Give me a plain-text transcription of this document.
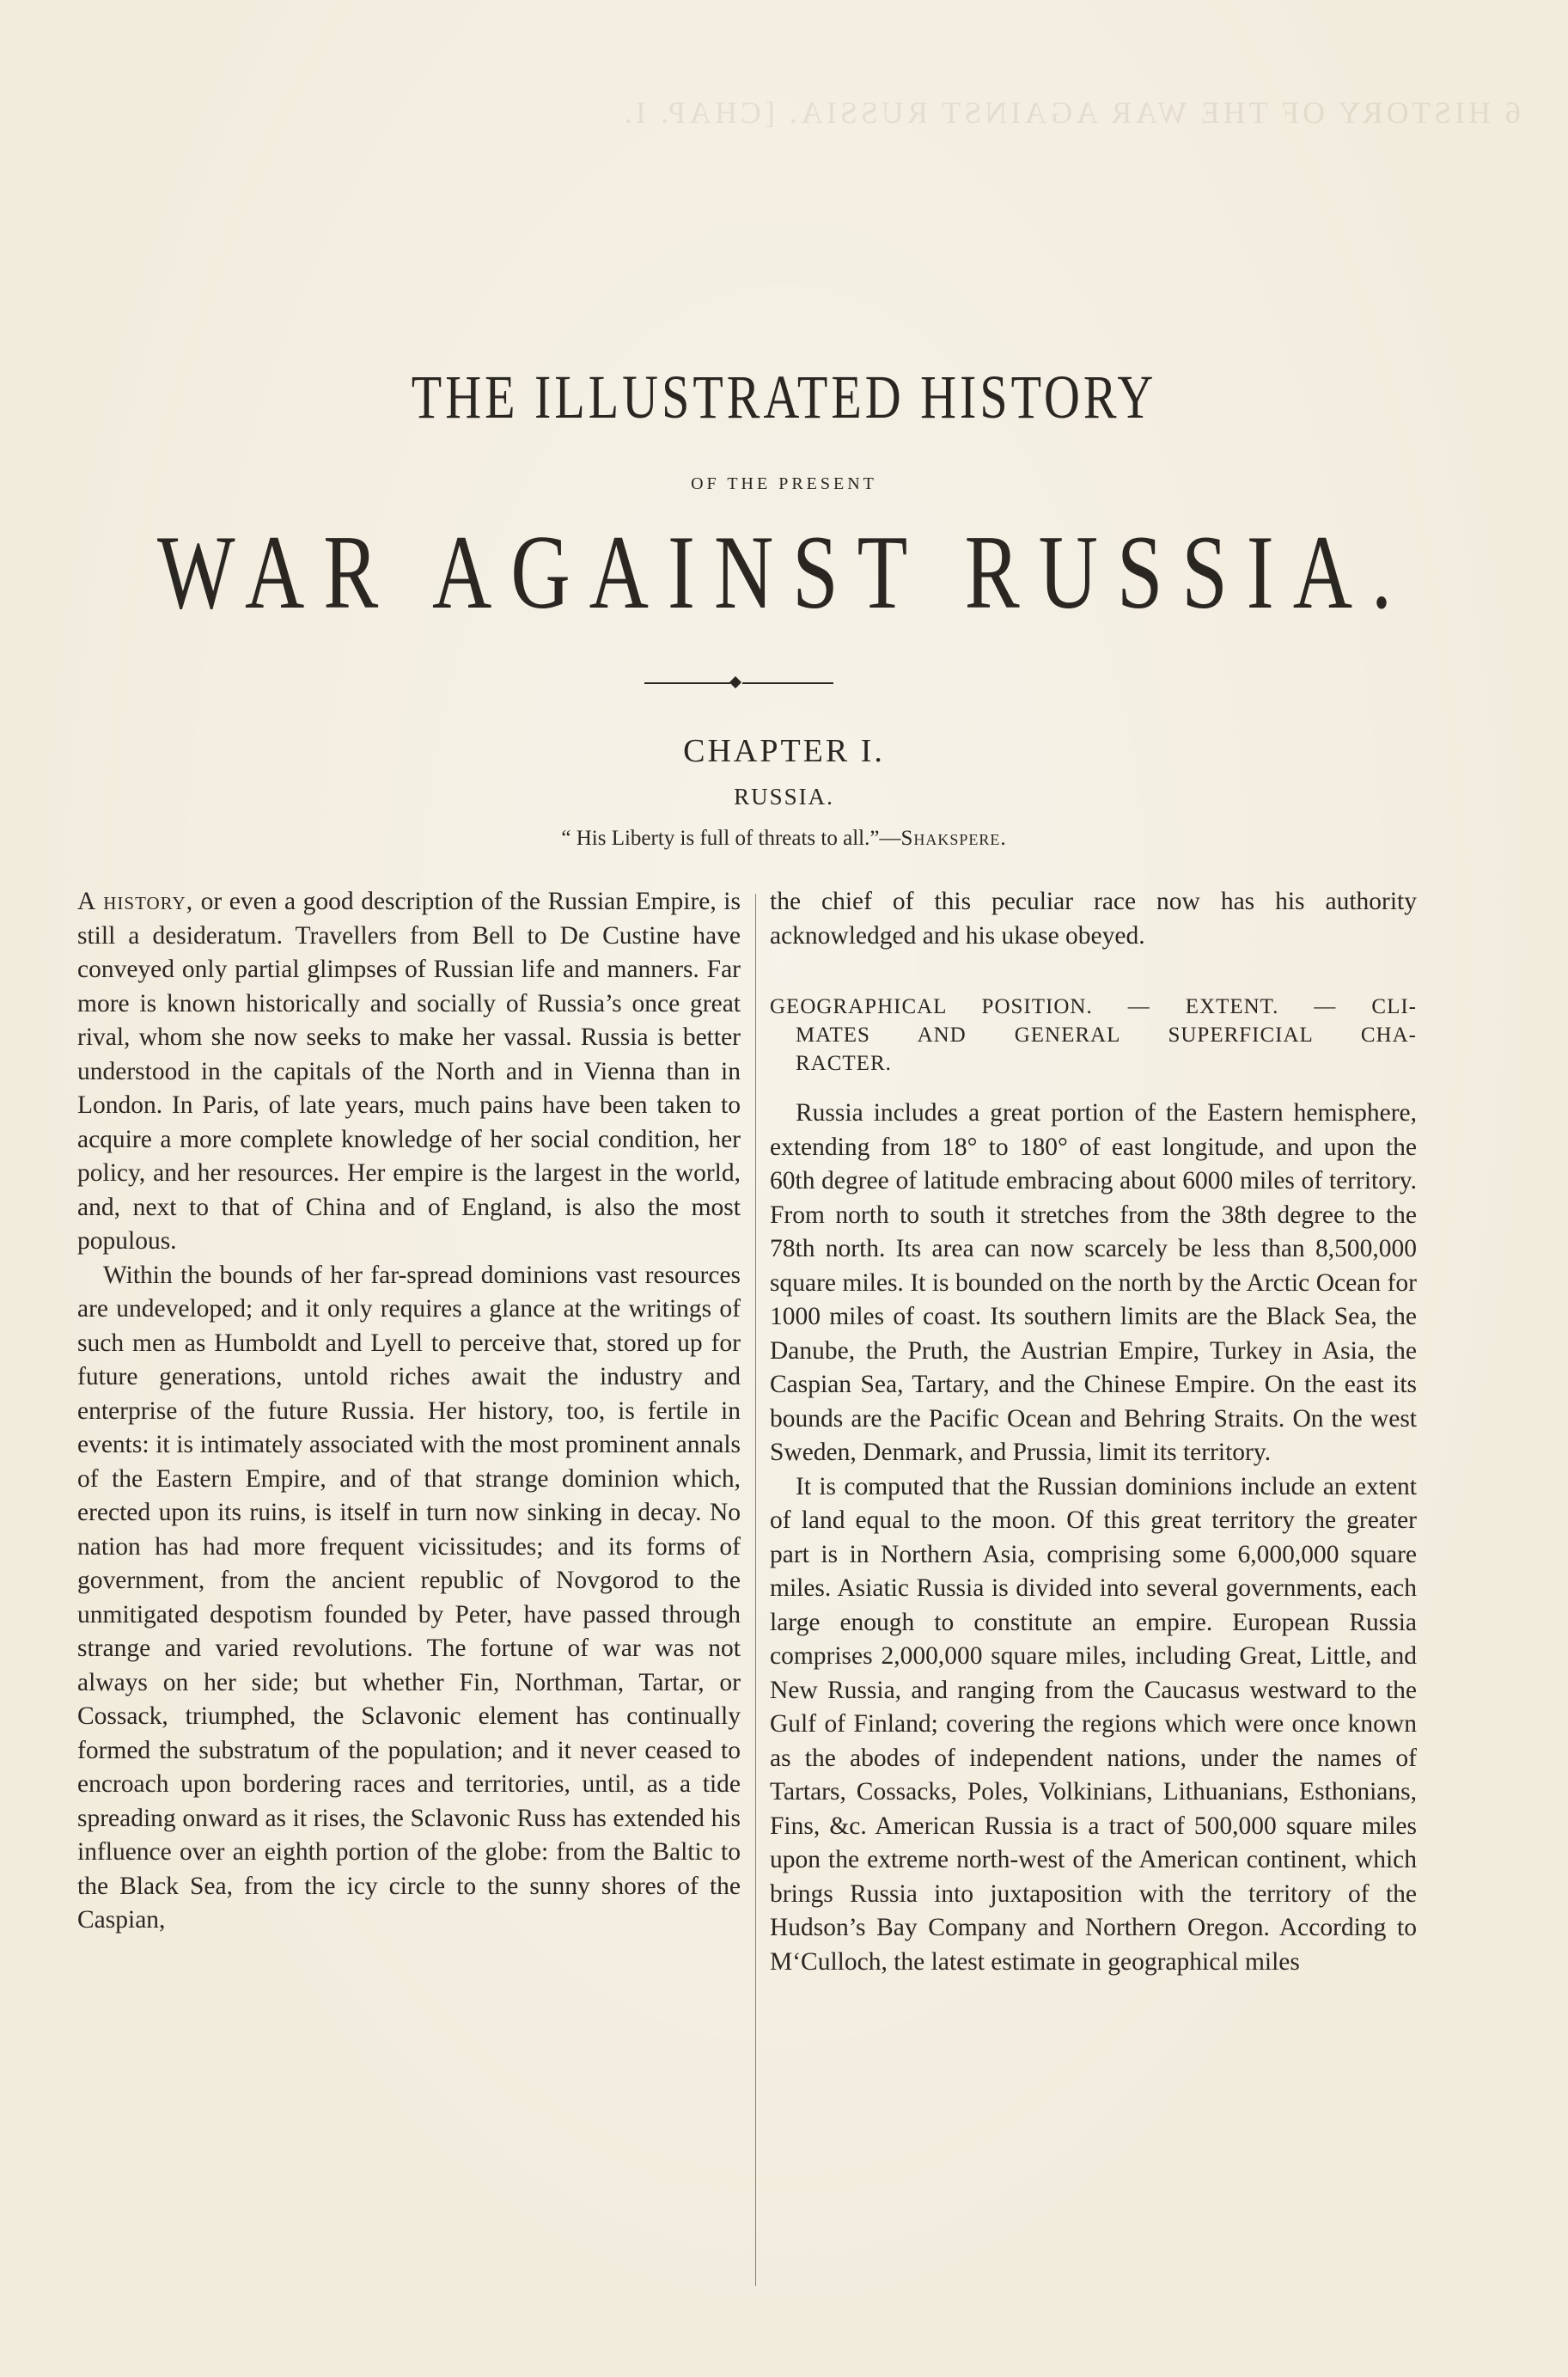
6 HISTORY OF THE WAR AGAINST RUSSIA. [CHAP. I.
THE ILLUSTRATED HISTORY
OF THE PRESENT
WAR AGAINST RUSSIA.
CHAPTER I.
RUSSIA.
“ His Liberty is full of threats to all.”—Shakspere.

A history, or even a good description of the Russian Empire, is still a desideratum. Travellers from Bell to De Custine have conveyed only partial glimpses of Russian life and manners. Far more is known historically and socially of Russia’s once great rival, whom she now seeks to make her vassal. Russia is better understood in the capitals of the North and in Vienna than in London. In Paris, of late years, much pains have been taken to acquire a more complete knowledge of her social condition, her policy, and her resources. Her empire is the largest in the world, and, next to that of China and of England, is also the most populous.

Within the bounds of her far-spread dominions vast resources are undeveloped; and it only requires a glance at the writings of such men as Humboldt and Lyell to perceive that, stored up for future generations, untold riches await the industry and enterprise of the future Russia. Her history, too, is fertile in events: it is intimately associated with the most prominent annals of the Eastern Empire, and of that strange dominion which, erected upon its ruins, is itself in turn now sinking in decay. No nation has had more frequent vicissitudes; and its forms of government, from the ancient republic of Novgorod to the unmitigated despotism founded by Peter, have passed through strange and varied revolutions. The fortune of war was not always on her side; but whether Fin, Northman, Tartar, or Cossack, triumphed, the Sclavonic element has continually formed the substratum of the population; and it never ceased to encroach upon bordering races and territories, until, as a tide spreading onward as it rises, the Sclavonic Russ has extended his influence over an eighth portion of the globe: from the Baltic to the Black Sea, from the icy circle to the sunny shores of the Caspian,

the chief of this peculiar race now has his authority acknowledged and his ukase obeyed.

GEOGRAPHICAL POSITION. — EXTENT. — CLI-
MATES AND GENERAL SUPERFICIAL CHA-
RACTER.

Russia includes a great portion of the Eastern hemisphere, extending from 18° to 180° of east longitude, and upon the 60th degree of latitude embracing about 6000 miles of territory. From north to south it stretches from the 38th degree to the 78th north. Its area can now scarcely be less than 8,500,000 square miles. It is bounded on the north by the Arctic Ocean for 1000 miles of coast. Its southern limits are the Black Sea, the Danube, the Pruth, the Austrian Empire, Turkey in Asia, the Caspian Sea, Tartary, and the Chinese Empire. On the east its bounds are the Pacific Ocean and Behring Straits. On the west Sweden, Denmark, and Prussia, limit its territory.

It is computed that the Russian dominions include an extent of land equal to the moon. Of this great territory the greater part is in Northern Asia, comprising some 6,000,000 square miles. Asiatic Russia is divided into several governments, each large enough to constitute an empire. European Russia comprises 2,000,000 square miles, including Great, Little, and New Russia, and ranging from the Caucasus westward to the Gulf of Finland; covering the regions which were once known as the abodes of independent nations, under the names of Tartars, Cossacks, Poles, Volkinians, Lithuanians, Esthonians, Fins, &c. American Russia is a tract of 500,000 square miles upon the extreme north-west of the American continent, which brings Russia into juxtaposition with the territory of the Hudson’s Bay Company and Northern Oregon. According to M‘Culloch, the latest estimate in geographical miles
